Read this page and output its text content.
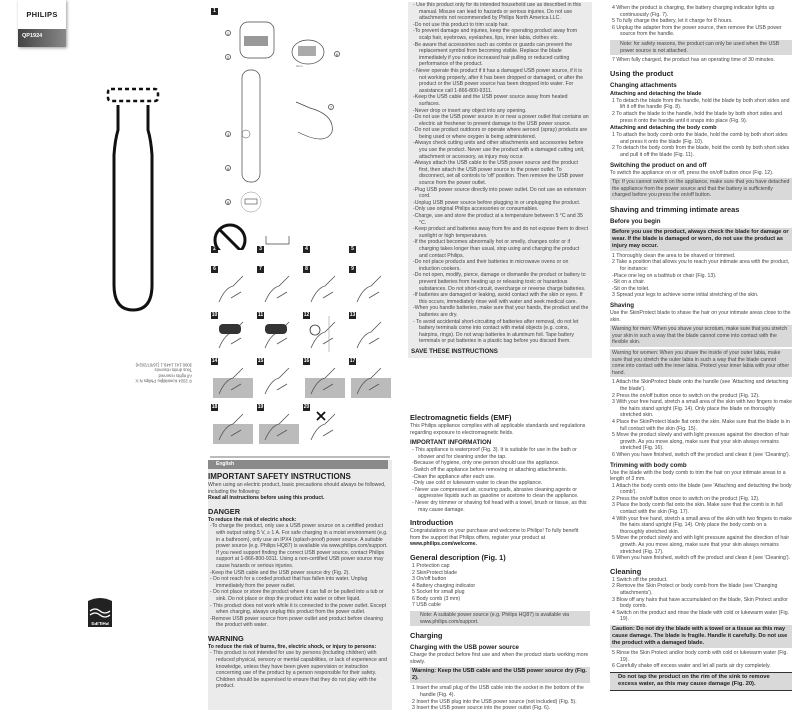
PHILIPS
QP1924
© 2024 Koninklijke Philips N.V.
All rights reserved
Tous droits réservés
3000.141.1449.1 (16/07/2024)
PHILIPS
1
2	3	4	5
6	7	8	9
10	11	12	13
14	15	16	17
18	19	20
1
2
3
4
5
6
7
3mm
English
IMPORTANT SAFETY INSTRUCTIONS
When using an electric product, basic precautions should always be followed, including the following:
Read all instructions before using this product.
DANGER
To reduce the risk of electric shock:
-To charge the product, only use a USB power source on a certified product with output rating 5 V, ≥ 1 A. For safe charging in a moist environment (e.g. in a bathroom), only use an IPX4 (splash-proof) power source. A suitable power source (e.g. Philips HQ87) is available via www.philips.com/support. If you need support finding the correct USB power source, contact Philips support at 1-866-800-9311. Using a non-certified USB power source may cause hazards or serious injuries.
-Keep the USB cable and the USB power source dry (Fig. 2).
- Do not reach for a corded product that has fallen into water. Unplug immediately from the power outlet.
- Do not place or store the product where it can fall or be pulled into a tub or sink. Do not place or drop the product into water or other liquid.
- This product does not work while it is connected to the power outlet. Except when charging, always unplug this product from the power outlet.
-Remove USB power source from power outlet and product before cleaning the product with water.
WARNING
To reduce the risk of burns, fire, electric shock, or injury to persons:
- This product is not intended for use by persons (including children) with reduced physical, sensory or mental capabilities, or lack of experience and knowledge, unless they have been given supervision or instruction concerning use of the product by a person responsible for their safety. Children should be supervised to ensure that they do not play with the product.
- Use this product only for its intended household use as described in this manual. Misuse can lead to hazards or serious injuries. Do not use attachments not recommended by Philips North America LLC.
-Do not use this product to trim scalp hair.
-To prevent damage and injuries, keep the operating product away from scalp hair, eyebrows, eyelashes, lips, inner labia, clothes etc.
-Be aware that accessories such as combs or guards can prevent the replacement symbol from becoming visible. Replace the blade immediately if you notice increased hair pulling or reduced cutting performance of the product.
- Never operate this product if it has a damaged USB power source, if it is not working properly, after it has been dropped or damaged, or after the product or the USB power source has been dropped into water. For assistance call 1-866-800-9311.
-Keep the USB cable and the USB power source away from heated surfaces.
-Never drop or insert any object into any opening.
-Do not use the USB power source in or near a power outlet that contains an electric air freshener to prevent damage to the USB power source.
-Do not use product outdoors or operate where aerosol (spray) products are being used or where oxygen is being administered.
-Always check cutting units and other attachments and accessories before you use the product. Never use the product with a damaged cutting unit, attachment or accessory, as injury may occur.
-Always attach the USB cable to the USB power source and the product first, then attach the USB power source to the power outlet. To disconnect, set all controls to 'off' position. Then remove the USB power source from the power outlet.
-Plug USB power source directly into power outlet. Do not use an extension cord.
-Unplug USB power source before plugging in or unplugging the product.
-Only use original Philips accessories or consumables.
-Charge, use and store the product at a temperature between 5 °C and 35 °C.
-Keep product and batteries away from fire and do not expose them to direct sunlight or high temperatures.
-If the product becomes abnormally hot or smelly, changes color or if charging takes longer than usual, stop using and charging the product and contact Philips.
-Do not place products and their batteries in microwave ovens or on induction cookers.
-Do not open, modify, pierce, damage or dismantle the product or battery to prevent batteries from heating up or releasing toxic or hazardous substances. Do not short-circuit, overcharge or reverse charge batteries.
-If batteries are damaged or leaking, avoid contact with the skin or eyes. If this occurs, immediately rinse well with water and seek medical care.
-When you handle batteries, make sure that your hands, the product and the batteries are dry.
- To avoid accidental short-circuiting of batteries after removal, do not let battery terminals come into contact with metal objects (e.g. coins, hairpins, rings). Do not wrap batteries in aluminum foil. Tape battery terminals or put batteries in a plastic bag before you discard them.
SAVE THESE INSTRUCTIONS
Electromagnetic fields (EMF)
This Philips appliance complies with all applicable standards and regulations regarding exposure to electromagnetic fields.
IMPORTANT INFORMATION
- This appliance is waterproof (Fig. 3). It is suitable for use in the bath or shower and for cleaning under the tap.
-Because of hygiene, only one person should use the appliance.
-Switch off the appliance before removing or attaching attachments.
-Clean the appliance after each use.
-Only use cold or lukewarm water to clean the appliance.
- Never use compressed air, scouring pads, abrasive cleaning agents or aggressive liquids such as gasoline or acetone to clean the appliance.
- Never dry trimmer or shaving foil head with a towel, brush or tissue, as this may cause damage.
Introduction
Congratulations on your purchase and welcome to Philips! To fully benefit from the support that Philips offers, register your product at
www.philips.com/welcome.
General description (Fig. 1)
1 Protection cap
2 SkinProtect blade
3 On/off button
4 Battery charging indicator
5 Socket for small plug
6 Body comb (3 mm)
7 USB cable
Note: A suitable power source (e.g. Philips HQ87) is available via www.philips.com/support.
Charging
Charging with the USB power source
Charge the product before first use and when the product starts working more slowly.
Warning: Keep the USB cable and the USB power source dry (Fig. 2).
1 Insert the small plug of the USB cable into the socket in the bottom of the handle (Fig. 4).
2 Insert the USB plug into the USB power source (not included) (Fig. 5).
3 Insert the USB power source into the power outlet (Fig. 6).
4 When the product is charging, the battery charging indicator lights up continuously (Fig. 7).
5 To fully charge the battery, let it charge for 8 hours.
6 Unplug the adapter from the power source, then remove the USB power source from the handle.
Note: for safety reasons, the product can only be used when the USB power source is not attached.
7 When fully charged, the product has an operating time of 30 minutes.
Using the product
Changing attachments
Attaching and detaching the blade
1 To detach the blade from the handle, hold the blade by both short sides and lift it off the handle (Fig. 8).
2 To attach the blade to the handle, hold the blade by both short sides and press it onto the handle until it snaps into place (Fig. 9).
Attaching and detaching the body comb
1 To attach the body comb onto the blade, hold the comb by both short sides and press it onto the blade (Fig. 10).
2 To detach the body comb from the blade, hold the comb by both short sides and pull it off the blade (Fig. 11).
Switching the product on and off
To switch the appliance on or off, press the on/off button once (Fig. 12).
Tip: If you cannot switch on the appliance, make sure that you have detached the appliance from the power source and that the battery is sufficiently charged before you press the on/off button.
Shaving and trimming intimate areas
Before you begin
Before you use the product, always check the blade for damage or wear. If the blade is damaged or worn, do not use the product as injury may occur.
1 Thoroughly clean the area to be shaved or trimmed.
2 Take a position that allows you to reach your intimate area with the product, for instance:
-Place one leg on a bathtub or chair (Fig. 13).
-Sit on a chair.
-Sit on the toilet.
3 Spread your legs to achieve some initial stretching of the skin.
Shaving
Use the SkinProtect blade to shave the hair on your intimate areas close to the skin.
Warning for men: When you shave your scrotum, make sure that you stretch your skin in such a way that the blade cannot come into contact with the flexible skin.
Warning for women: When you shave the inside of your outer labia, make sure that you stretch the outer labia in such a way that the blade cannot come into contact with the inner labia. Protect your inner labia with your other hand.
1 Attach the SkinProtect blade onto the handle (see 'Attaching and detaching the blade').
2 Press the on/off button once to switch on the product (Fig. 12).
3 With your free hand, stretch a small area of the skin with two fingers to make the hairs stand upright (Fig. 14). Only place the blade on thoroughly stretched skin.
4 Place the SkinProtect blade flat onto the skin. Make sure that the blade is in full contact with the skin (Fig. 15).
5 Move the product slowly and with light pressure against the direction of hair growth. As you move along, make sure that your skin always remains stretched (Fig. 16).
6 When you have finished, switch off the product and clean it (see 'Cleaning').
Trimming with body comb
Use the blade with the body comb to trim the hair on your intimate areas to a length of 3 mm.
1 Attach the body comb onto the blade (see 'Attaching and detaching the body comb').
2 Press the on/off button once to switch on the product (Fig. 12).
3 Place the body comb flat onto the skin. Make sure that the comb is in full contact with the skin (Fig. 17).
4 With your free hand, stretch a small area of the skin with two fingers to make the hairs stand upright (Fig. 14). Only place the body comb on a thoroughly stretched skin.
5 Move the product slowly and with light pressure against the direction of hair growth. As you move along, make sure that your skin always remains stretched (Fig. 17).
6 When you have finished, switch off the product and clean it (see 'Cleaning').
Cleaning
1 Switch off the product.
2 Remove the Skin Protect or body comb from the blade (see 'Changing attachments').
3 Blow off any hairs that have accumulated on the blade, Skin Protect and/or body comb.
4 Switch on the product and rinse the blade with cold or lukewarm water (Fig. 19).
Caution: Do not dry the blade with a towel or a tissue as this may cause damage. The blade is fragile. Handle it carefully. Do not use the product with a damaged blade.
5 Rinse the Skin Protect and/or body comb with cold or lukewarm water (Fig. 19).
6 Carefully shake off excess water and let all parts air dry completely.
Do not tap the product on the rim of the sink to remove excess water, as this may cause damage (Fig. 20).
